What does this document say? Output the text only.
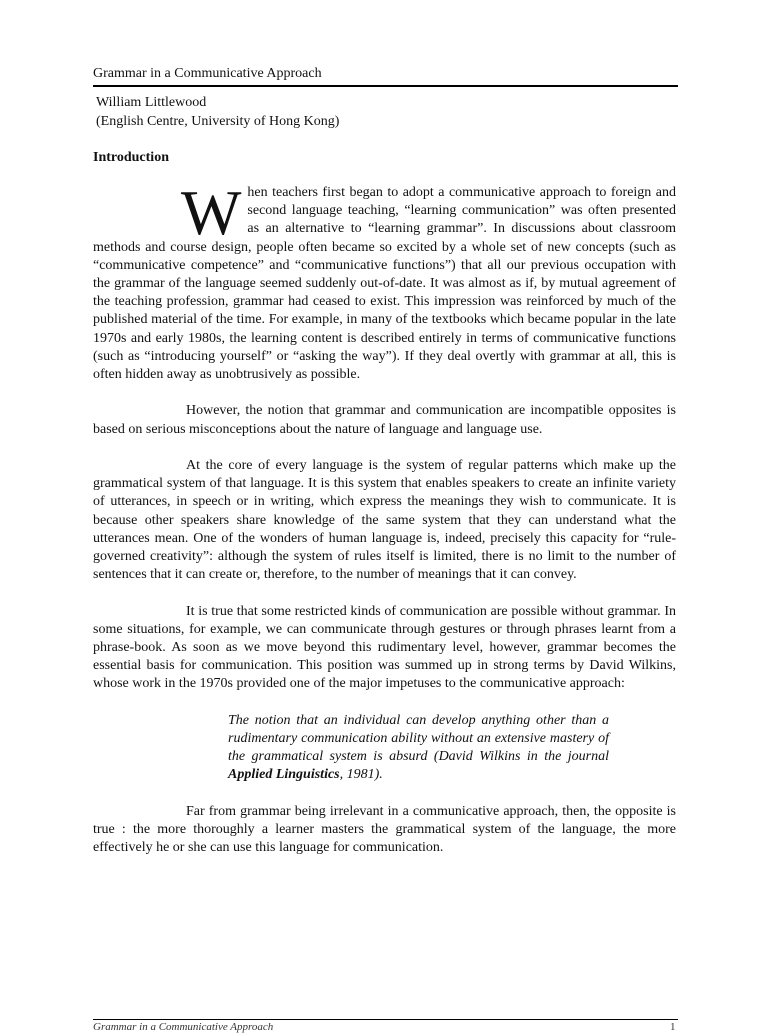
Grammar in a Communicative Approach
William Littlewood
(English Centre, University of Hong Kong)
Introduction

When teachers first began to adopt a communicative approach to foreign and second language teaching, “learning communication” was often presented as an alternative to “learning grammar”. In discussions about classroom methods and course design, people often became so excited by a whole set of new concepts (such as “communicative competence” and “communicative functions”) that all our previous occupation with the grammar of the language seemed suddenly out-of-date. It was almost as if, by mutual agreement of the teaching profession, grammar had ceased to exist. This impression was reinforced by much of the published material of the time. For example, in many of the textbooks which became popular in the late 1970s and early 1980s, the learning content is described entirely in terms of communicative functions (such as “introducing yourself” or “asking the way”). If they deal overtly with grammar at all, this is often hidden away as unobtrusively as possible.

However, the notion that grammar and communication are incompatible opposites is based on serious misconceptions about the nature of language and language use.

At the core of every language is the system of regular patterns which make up the grammatical system of that language. It is this system that enables speakers to create an infinite variety of utterances, in speech or in writing, which express the meanings they wish to communicate. It is because other speakers share knowledge of the same system that they can understand what the utterances mean. One of the wonders of human language is, indeed, precisely this capacity for “rule-governed creativity”: although the system of rules itself is limited, there is no limit to the number of sentences that it can create or, therefore, to the number of meanings that it can convey.

It is true that some restricted kinds of communication are possible without grammar. In some situations, for example, we can communicate through gestures or through phrases learnt from a phrase-book. As soon as we move beyond this rudimentary level, however, grammar becomes the essential basis for communication. This position was summed up in strong terms by David Wilkins, whose work in the 1970s provided one of the major impetuses to the communicative approach:

The notion that an individual can develop anything other than a rudimentary communication ability without an extensive mastery of the grammatical system is absurd (David Wilkins in the journal Applied Linguistics, 1981).

Far from grammar being irrelevant in a communicative approach, then, the opposite is true : the more thoroughly a learner masters the grammatical system of the language, the more effectively he or she can use this language for communication.

Grammar in a Communicative Approach	1
